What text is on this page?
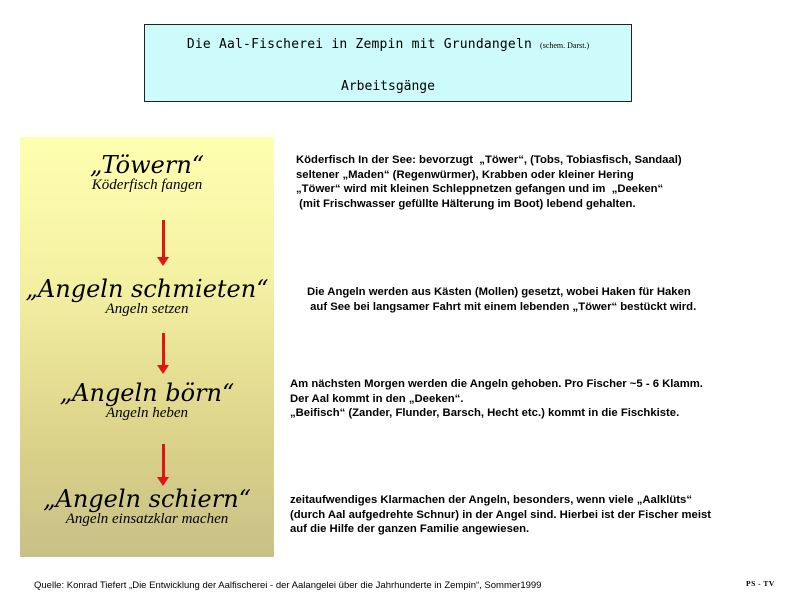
Die Aal-Fischerei in Zempin mit Grundangeln (schem. Darst.)
Arbeitsgänge
„Töwern“
Köderfisch fangen
„Angeln schmieten“
Angeln setzen
„Angeln börn“
Angeln heben
„Angeln schiern“
Angeln einsatzklar machen
Köderfisch In der See: bevorzugt  „Töwer“, (Tobs, Tobiasfisch, Sandaal)
seltener „Maden“ (Regenwürmer), Krabben oder kleiner Hering
„Töwer“ wird mit kleinen Schleppnetzen gefangen und im  „Deeken“
(mit Frischwasser gefüllte Hälterung im Boot) lebend gehalten.
Die Angeln werden aus Kästen (Mollen) gesetzt, wobei Haken für Haken
auf See bei langsamer Fahrt mit einem lebenden „Töwer“ bestückt wird.
Am nächsten Morgen werden die Angeln gehoben. Pro Fischer ~5 - 6 Klamm.
Der Aal kommt in den „Deeken“.
„Beifisch“ (Zander, Flunder, Barsch, Hecht etc.) kommt in die Fischkiste.
zeitaufwendiges Klarmachen der Angeln, besonders, wenn viele „Aalklüts“
(durch Aal aufgedrehte Schnur) in der Angel sind. Hierbei ist der Fischer meist
auf die Hilfe der ganzen Familie angewiesen.
Quelle: Konrad Tiefert „Die Entwicklung der Aalfischerei - der Aalangelei über die Jahrhunderte in Zempin“, Sommer1999	PS - TV
